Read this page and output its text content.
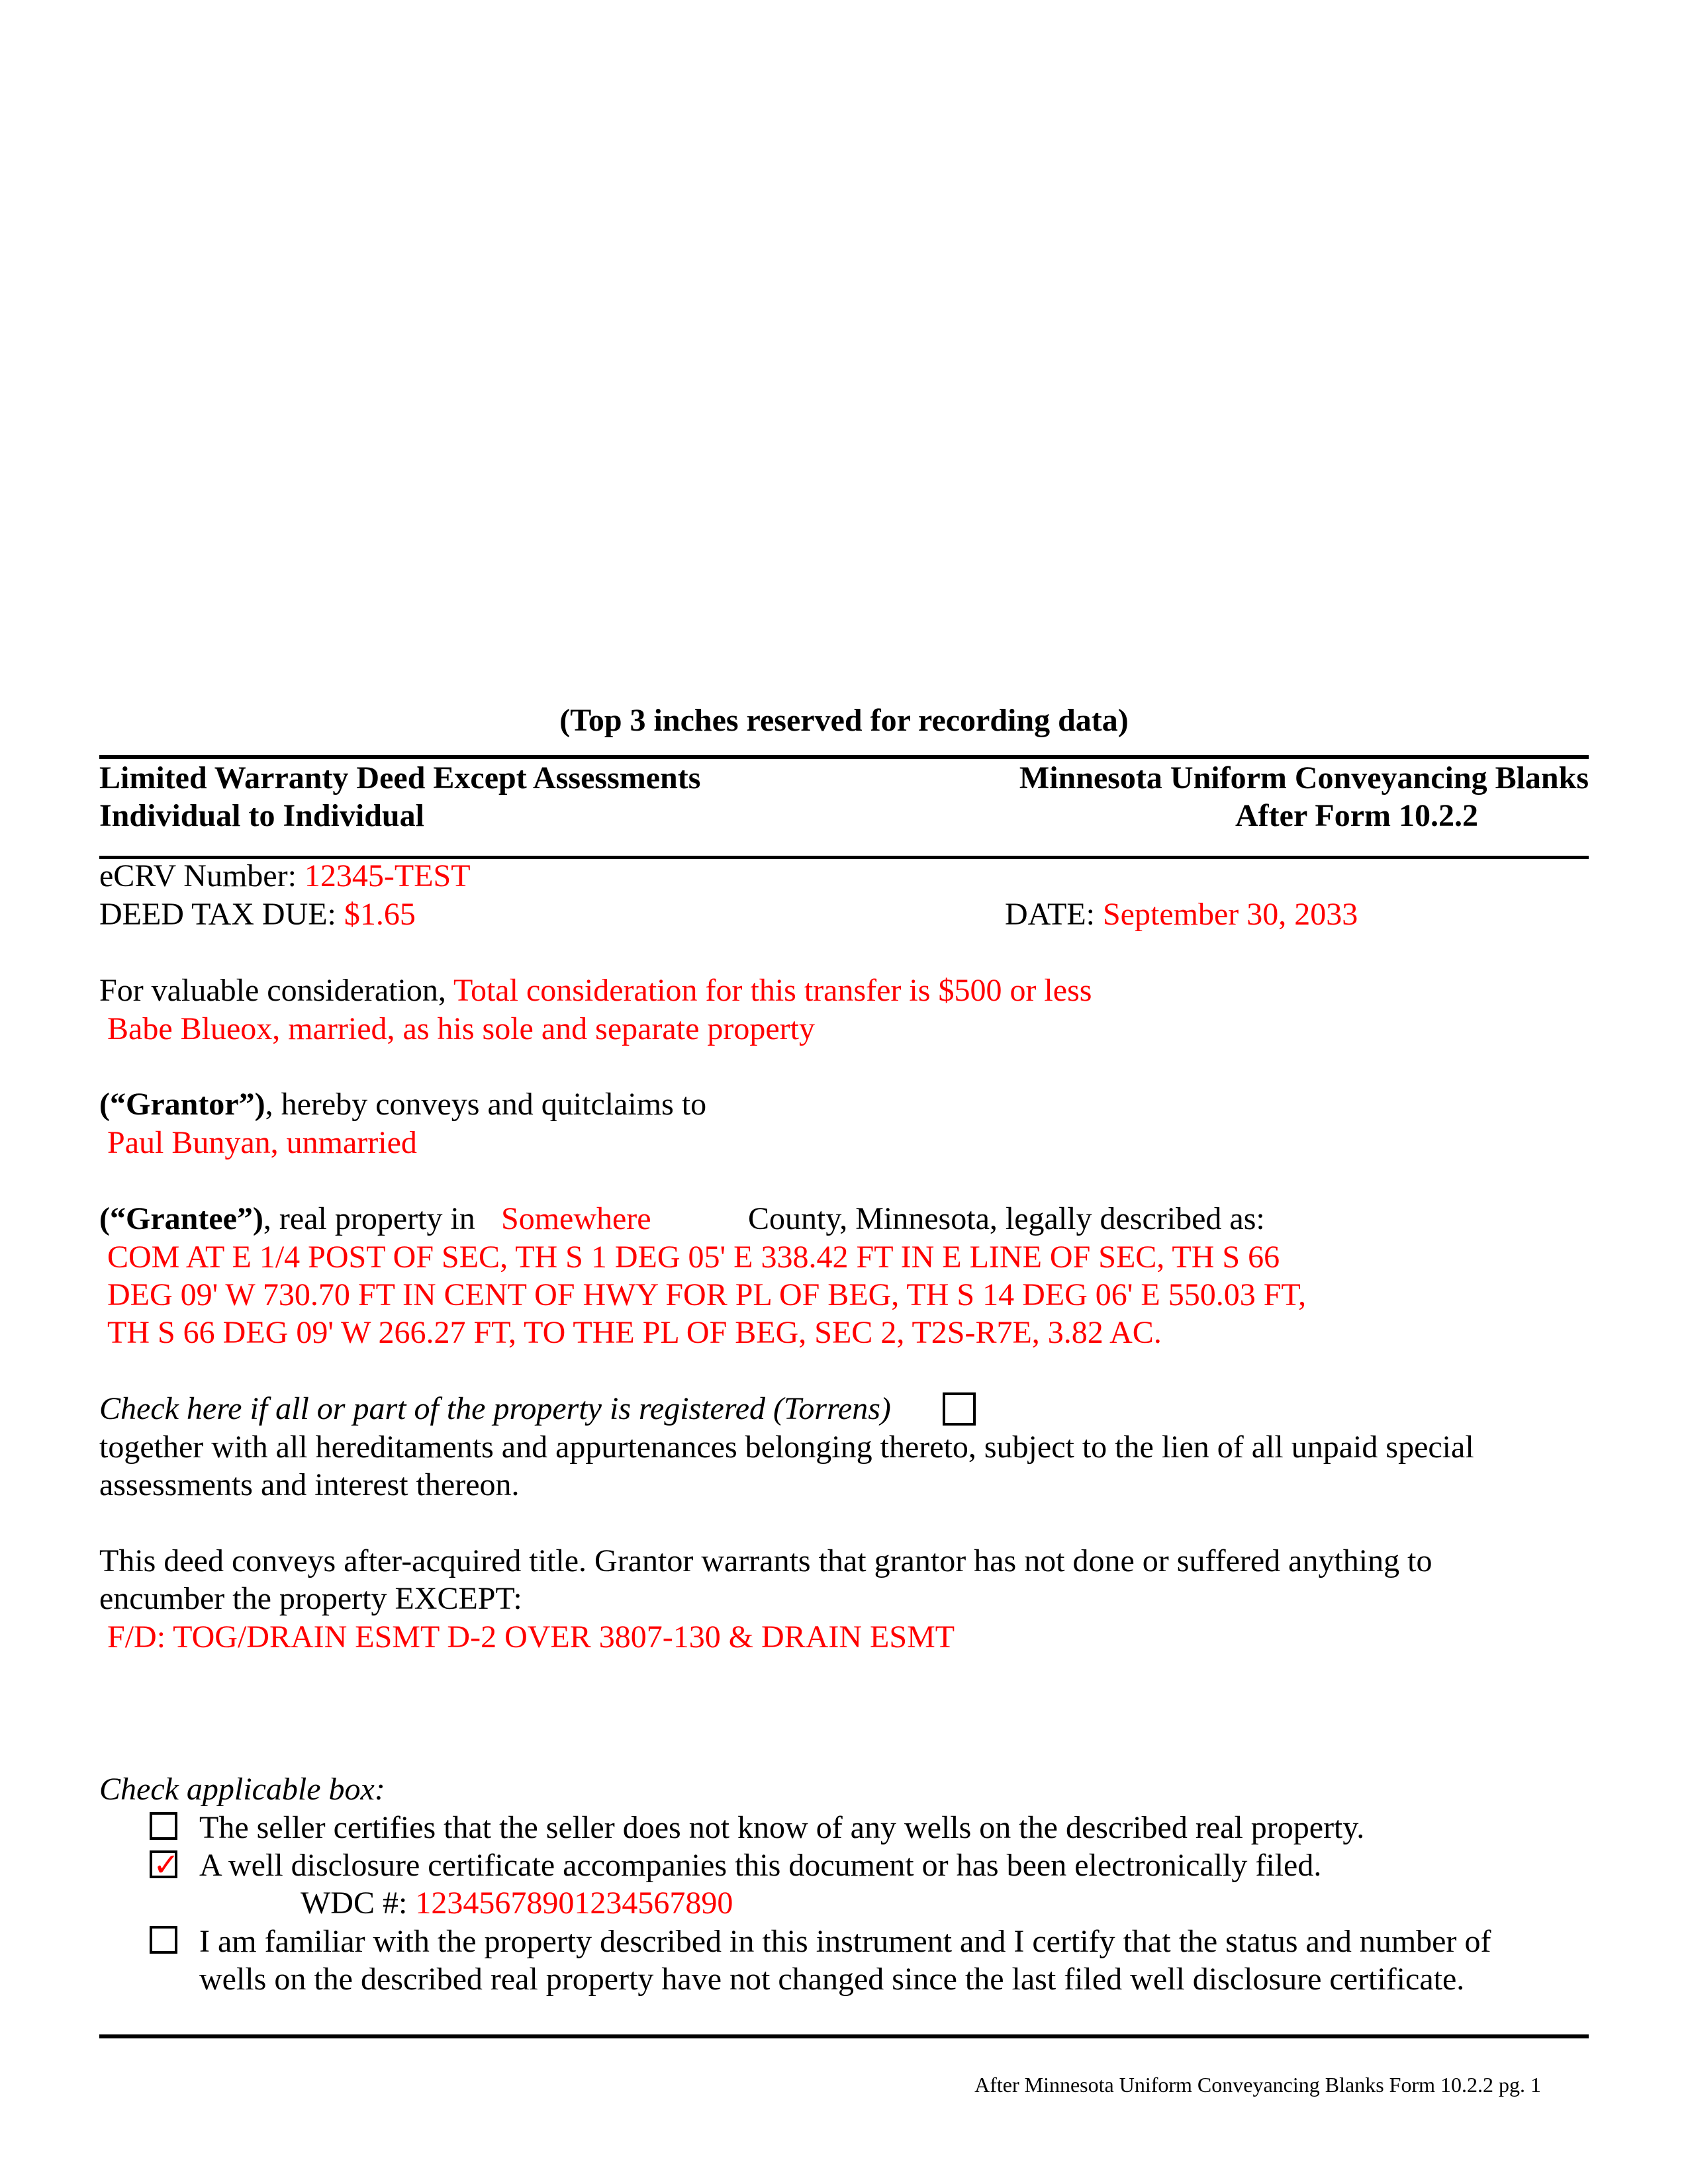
(Top 3 inches reserved for recording data)
Limited Warranty Deed Except Assessments
Individual to Individual
Minnesota Uniform Conveyancing Blanks
After Form 10.2.2
eCRV Number: 12345-TEST
DEED TAX DUE: $1.65	DATE: September 30, 2033
For valuable consideration, Total consideration for this transfer is $500 or less
Babe Blueox, married, as his sole and separate property
(“Grantor”), hereby conveys and quitclaims to
Paul Bunyan, unmarried
(“Grantee”), real property in Somewhere	County, Minnesota, legally described as:
COM AT E 1/4 POST OF SEC, TH S 1 DEG 05' E 338.42 FT IN E LINE OF SEC, TH S 66
DEG 09' W 730.70 FT IN CENT OF HWY FOR PL OF BEG, TH S 14 DEG 06' E 550.03 FT,
TH S 66 DEG 09' W 266.27 FT, TO THE PL OF BEG, SEC 2, T2S-R7E, 3.82 AC.
Check here if all or part of the property is registered (Torrens)
together with all hereditaments and appurtenances belonging thereto, subject to the lien of all unpaid special
assessments and interest thereon.
This deed conveys after-acquired title. Grantor warrants that grantor has not done or suffered anything to
encumber the property EXCEPT:
F/D: TOG/DRAIN ESMT D-2 OVER 3807-130 & DRAIN ESMT
Check applicable box:
The seller certifies that the seller does not know of any wells on the described real property.
✓
A well disclosure certificate accompanies this document or has been electronically filed.
WDC #: 12345678901234567890
I am familiar with the property described in this instrument and I certify that the status and number of
wells on the described real property have not changed since the last filed well disclosure certificate.
After Minnesota Uniform Conveyancing Blanks Form 10.2.2 pg. 1
